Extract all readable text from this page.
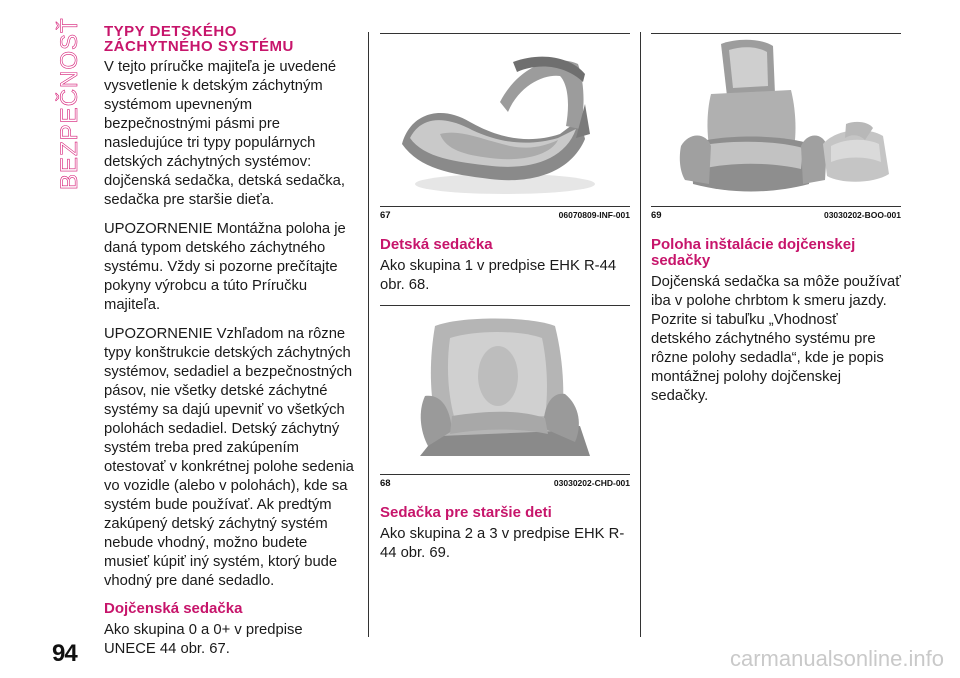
BEZPEČNOSŤ TYPY DETSKÉHO
ZÁCHYTNÉHO SYSTÉMU

V tejto príručke majiteľa je uvedené vysvetlenie k detským záchytným systémom upevneným bezpečnostnými pásmi pre nasledujúce tri typy populárnych detských záchytných systémov: dojčenská sedačka, detská sedačka, sedačka pre staršie dieťa.

UPOZORNENIE Montážna poloha je daná typom detského záchytného systému. Vždy si pozorne prečítajte pokyny výrobcu a túto Príručku majiteľa.

UPOZORNENIE Vzhľadom na rôzne typy konštrukcie detských záchytných systémov, sedadiel a bezpečnostných pásov, nie všetky detské záchytné systémy sa dajú upevniť vo všetkých polohách sedadiel. Detský záchytný systém treba pred zakúpením otestovať v konkrétnej polohe sedenia vo vozidle (alebo v polohách), kde sa systém bude používať. Ak predtým zakúpený detský záchytný systém nebude vhodný, možno budete musieť kúpiť iný systém, ktorý bude vhodný pre dané sedadlo.

Dojčenská sedačka

Ako skupina 0 a 0+ v predpise UNECE 44 obr. 67.

67	06070809-INF-001
Detská sedačka

Ako skupina 1 v predpise EHK R-44 obr. 68.

68	03030202-CHD-001
Sedačka pre staršie deti

Ako skupina 2 a 3 v predpise EHK R-44 obr. 69.

69	03030202-BOO-001
Poloha inštalácie dojčenskej
sedačky

Dojčenská sedačka sa môže používať iba v polohe chrbtom k smeru jazdy. Pozrite si tabuľku „Vhodnosť detského záchytného systému pre rôzne polohy sedadla“, kde je popis montážnej polohy dojčenskej sedačky.

94	carmanualsonline.info
